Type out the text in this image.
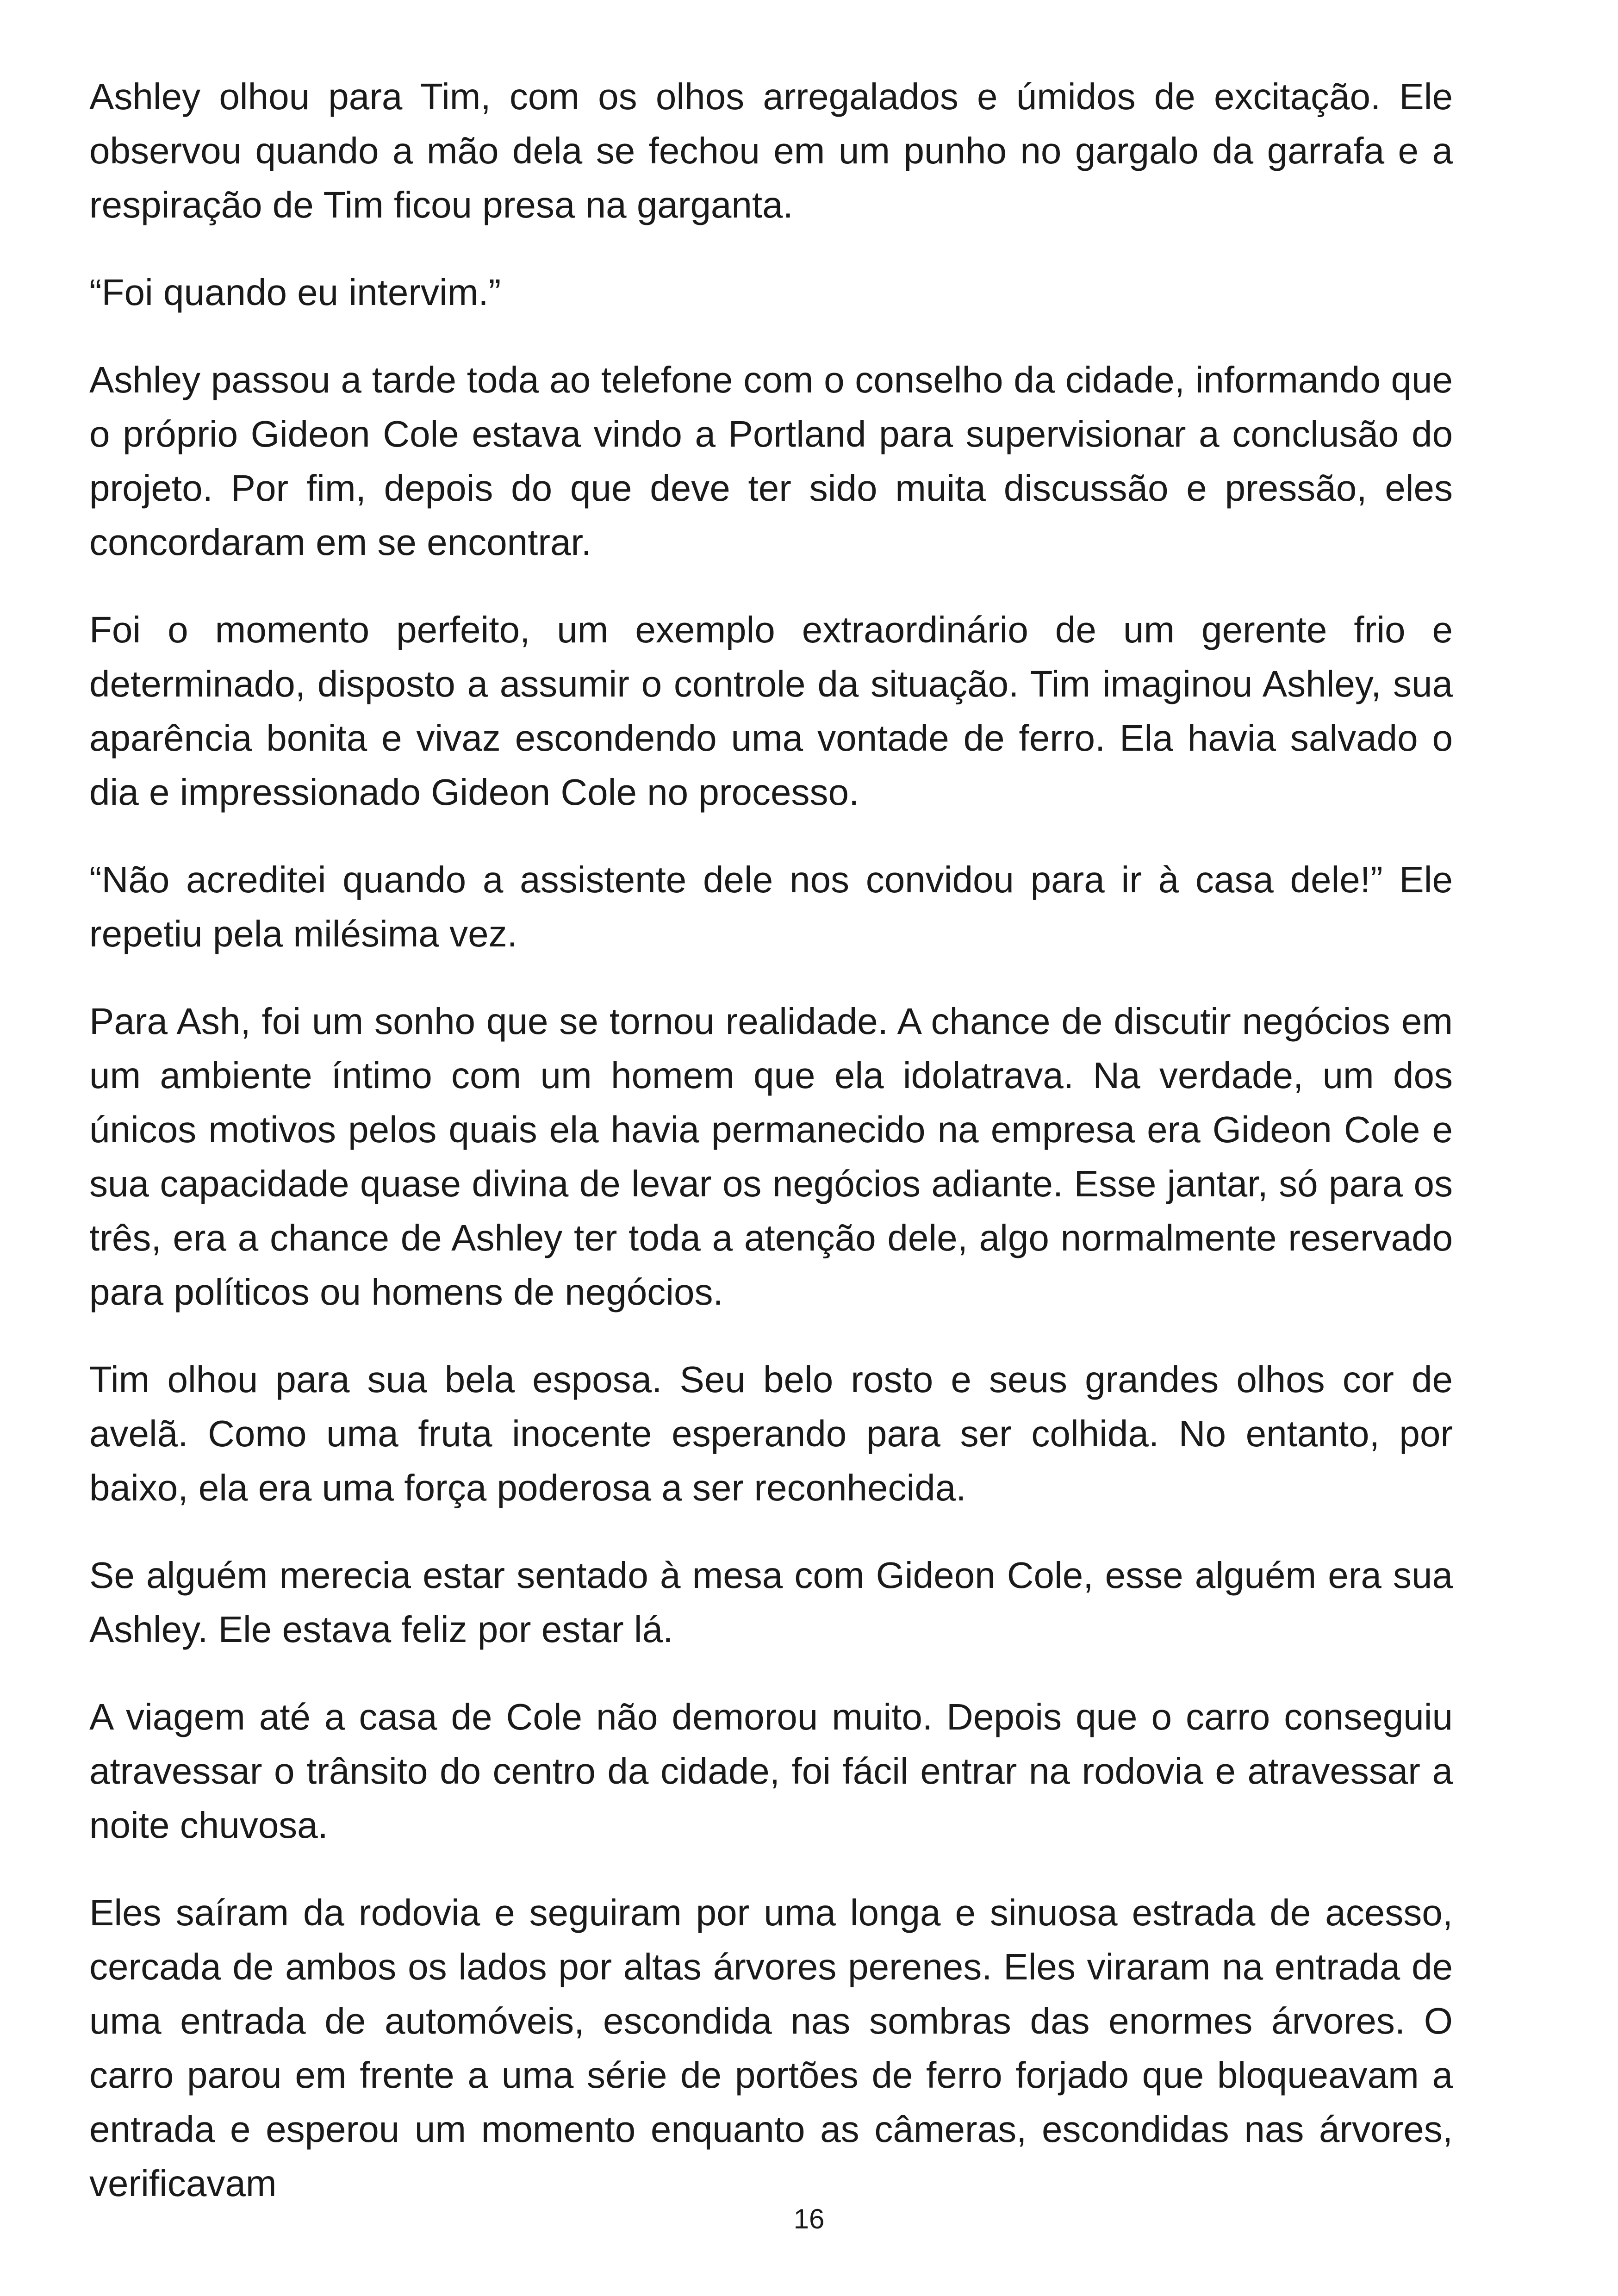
Ashley olhou para Tim, com os olhos arregalados e úmidos de excitação. Ele observou quando a mão dela se fechou em um punho no gargalo da garrafa e a respiração de Tim ficou presa na garganta.

“Foi quando eu intervim.”

Ashley passou a tarde toda ao telefone com o conselho da cidade, informando que o próprio Gideon Cole estava vindo a Portland para supervisionar a conclusão do projeto. Por fim, depois do que deve ter sido muita discussão e pressão, eles concordaram em se encontrar.

Foi o momento perfeito, um exemplo extraordinário de um gerente frio e determinado, disposto a assumir o controle da situação. Tim imaginou Ashley, sua aparência bonita e vivaz escondendo uma vontade de ferro. Ela havia salvado o dia e impressionado Gideon Cole no processo.

“Não acreditei quando a assistente dele nos convidou para ir à casa dele!” Ele repetiu pela milésima vez.

Para Ash, foi um sonho que se tornou realidade. A chance de discutir negócios em um ambiente íntimo com um homem que ela idolatrava. Na verdade, um dos únicos motivos pelos quais ela havia permanecido na empresa era Gideon Cole e sua capacidade quase divina de levar os negócios adiante. Esse jantar, só para os três, era a chance de Ashley ter toda a atenção dele, algo normalmente reservado para políticos ou homens de negócios.

Tim olhou para sua bela esposa. Seu belo rosto e seus grandes olhos cor de avelã. Como uma fruta inocente esperando para ser colhida. No entanto, por baixo, ela era uma força poderosa a ser reconhecida.

Se alguém merecia estar sentado à mesa com Gideon Cole, esse alguém era sua Ashley. Ele estava feliz por estar lá.

A viagem até a casa de Cole não demorou muito. Depois que o carro conseguiu atravessar o trânsito do centro da cidade, foi fácil entrar na rodovia e atravessar a noite chuvosa.

Eles saíram da rodovia e seguiram por uma longa e sinuosa estrada de acesso, cercada de ambos os lados por altas árvores perenes. Eles viraram na entrada de uma entrada de automóveis, escondida nas sombras das enormes árvores. O carro parou em frente a uma série de portões de ferro forjado que bloqueavam a entrada e esperou um momento enquanto as câmeras, escondidas nas árvores, verificavam

16
